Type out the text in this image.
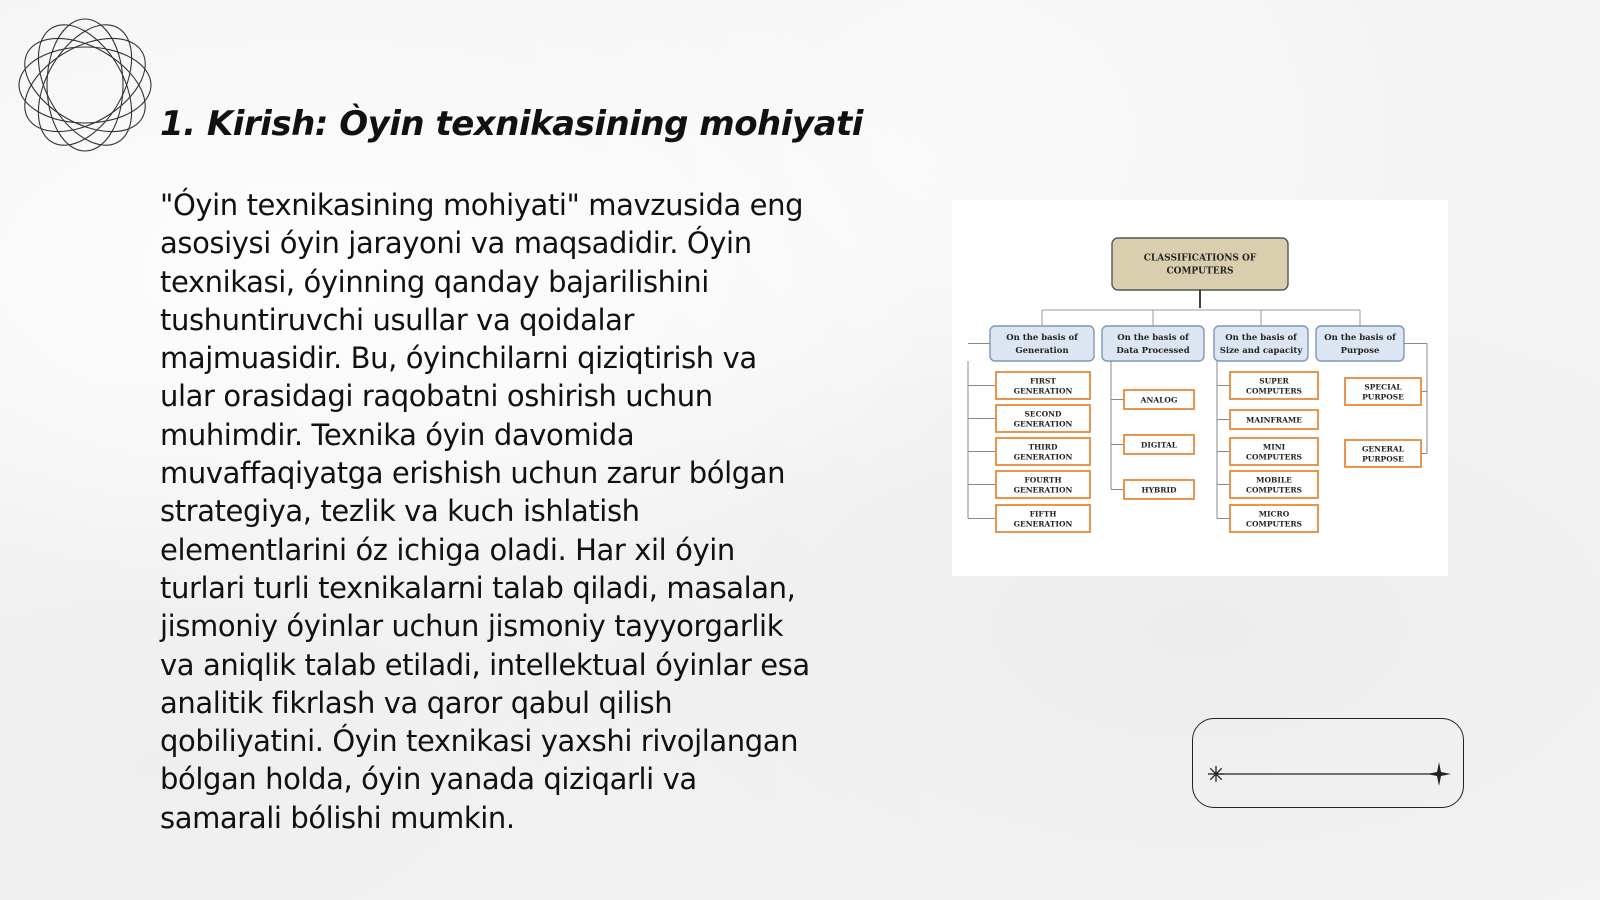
1. Kirish: Òyin texnikasining mohiyati
"Óyin texnikasining mohiyati" mavzusida eng
asosiysi óyin jarayoni va maqsadidir. Óyin
texnikasi, óyinning qanday bajarilishini
tushuntiruvchi usullar va qoidalar
majmuasidir. Bu, óyinchilarni qiziqtirish va
ular orasidagi raqobatni oshirish uchun
muhimdir. Texnika óyin davomida
muvaffaqiyatga erishish uchun zarur bólgan
strategiya, tezlik va kuch ishlatish
elementlarini óz ichiga oladi. Har xil óyin
turlari turli texnikalarni talab qiladi, masalan,
jismoniy óyinlar uchun jismoniy tayyorgarlik
va aniqlik talab etiladi, intellektual óyinlar esa
analitik fikrlash va qaror qabul qilish
qobiliyatini. Óyin texnikasi yaxshi rivojlangan
bólgan holda, óyin yanada qiziqarli va
samarali bólishi mumkin.
CLASSIFICATIONS OF
COMPUTERS
On the basis of
Generation
On the basis of
Data Processed
On the basis of
Size and capacity
On the basis of
Purpose
FIRST
GENERATION
SECOND
GENERATION
THIRD
GENERATION
FOURTH
GENERATION
FIFTH
GENERATION
ANALOG
DIGITAL
HYBRID
SUPER
COMPUTERS
MAINFRAME
MINI
COMPUTERS
MOBILE
COMPUTERS
MICRO
COMPUTERS
SPECIAL
PURPOSE
GENERAL
PURPOSE
